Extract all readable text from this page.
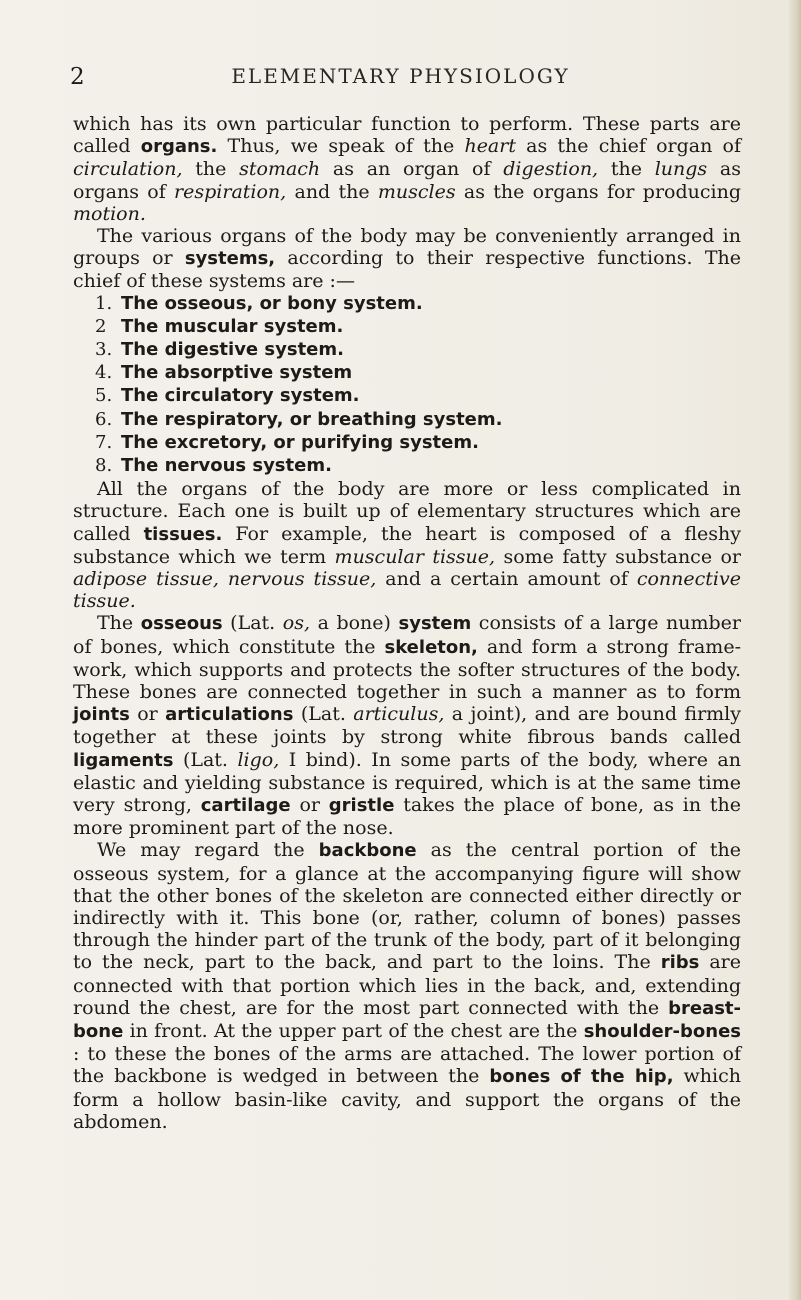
2	ELEMENTARY PHYSIOLOGY

which has its own particular function to perform. These parts are called organs. Thus, we speak of the heart as the chief organ of circulation, the stomach as an organ of digestion, the lungs as organs of respiration, and the muscles as the organs for producing motion.

The various organs of the body may be conveniently arranged in groups or systems, according to their respective functions. The chief of these systems are :—

1. The osseous, or bony system.
2 The muscular system.
3. The digestive system.
4. The absorptive system
5. The circulatory system.
6. The respiratory, or breathing system.
7. The excretory, or purifying system.
8. The nervous system.

All the organs of the body are more or less complicated in structure. Each one is built up of elementary structures which are called tissues. For example, the heart is composed of a fleshy substance which we term muscular tissue, some fatty substance or adipose tissue, nervous tissue, and a certain amount of connective tissue.

The osseous (Lat. os, a bone) system consists of a large number of bones, which constitute the skeleton, and form a strong frame-work, which supports and protects the softer structures of the body. These bones are connected together in such a manner as to form joints or articulations (Lat. articulus, a joint), and are bound firmly together at these joints by strong white fibrous bands called ligaments (Lat. ligo, I bind). In some parts of the body, where an elastic and yielding substance is required, which is at the same time very strong, cartilage or gristle takes the place of bone, as in the more prominent part of the nose.

We may regard the backbone as the central portion of the osseous system, for a glance at the accompanying figure will show that the other bones of the skeleton are connected either directly or indirectly with it. This bone (or, rather, column of bones) passes through the hinder part of the trunk of the body, part of it belonging to the neck, part to the back, and part to the loins. The ribs are connected with that portion which lies in the back, and, extending round the chest, are for the most part connected with the breast-bone in front. At the upper part of the chest are the shoulder-bones : to these the bones of the arms are attached. The lower portion of the backbone is wedged in between the bones of the hip, which form a hollow basin-like cavity, and support the organs of the abdomen.
